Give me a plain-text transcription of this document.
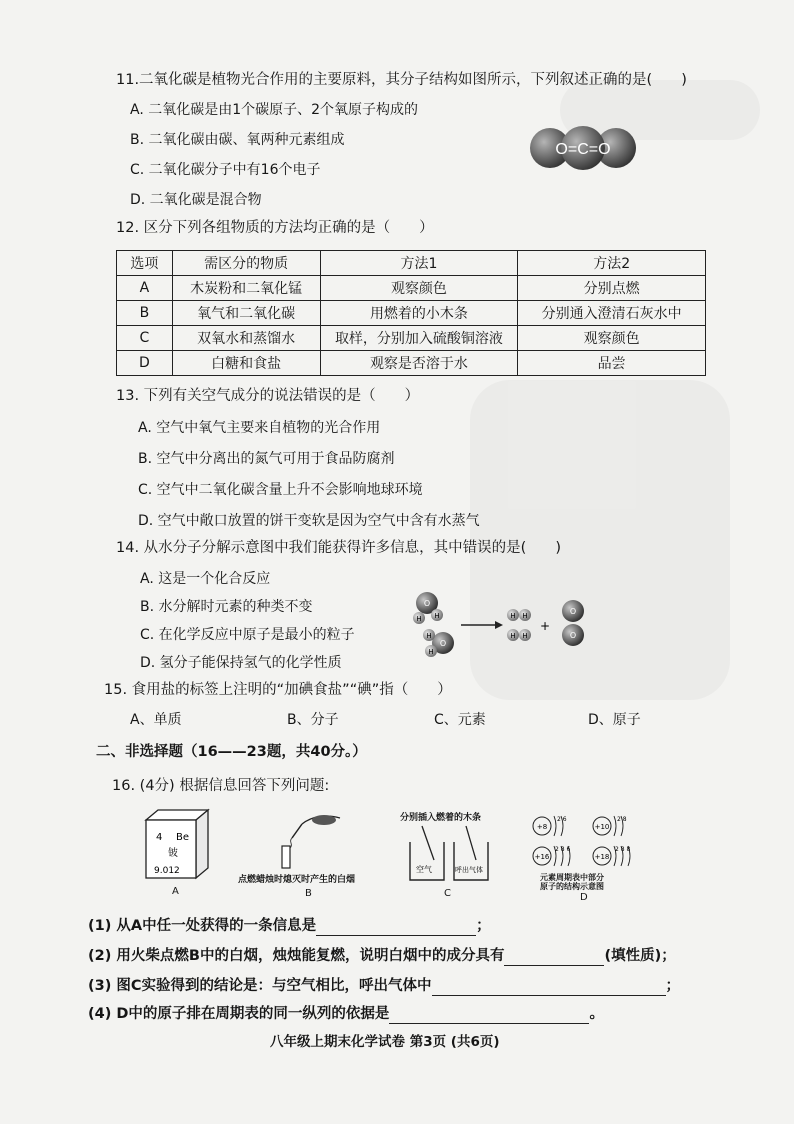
11.二氧化碳是植物光合作用的主要原料，其分子结构如图所示，下列叙述正确的是(　　)
A. 二氧化碳是由1个碳原子、2个氧原子构成的
B. 二氧化碳由碳、氧两种元素组成
C. 二氧化碳分子中有16个电子
D. 二氧化碳是混合物
O=C=O
12. 区分下列各组物质的方法均正确的是（　　）
选项	需区分的物质	方法1	方法2
A	木炭粉和二氧化锰	观察颜色	分别点燃
B	氧气和二氧化碳	用燃着的小木条	分别通入澄清石灰水中
C	双氧水和蒸馏水	取样，分别加入硫酸铜溶液	观察颜色
D	白糖和食盐	观察是否溶于水	品尝
13. 下列有关空气成分的说法错误的是（　　）
A. 空气中氧气主要来自植物的光合作用
B. 空气中分离出的氮气可用于食品防腐剂
C. 空气中二氧化碳含量上升不会影响地球环境
D. 空气中敞口放置的饼干变软是因为空气中含有水蒸气
14. 从水分子分解示意图中我们能获得许多信息，其中错误的是(　　)
A. 这是一个化合反应
B. 水分解时元素的种类不变
C. 在化学反应中原子是最小的粒子
D. 氢分子能保持氢气的化学性质
O
H H
O
H
H
H H
H H
+
O
O
15. 食用盐的标签上注明的“加碘食盐”“碘”指（　　）
A、单质	B、分子	C、元素	D、原子
二、非选择题（16——23题，共40分。）
16. (4分) 根据信息回答下列问题:
4 Be
铍
9.012
A
点燃蜡烛时熄灭时产生的白烟
B
分别插入燃着的木条
空气	呼出气体
C
+8
2 6
+10
2 8
+16
2 8 6
+18
2 8 8
元素周期表中部分
原子的结构示意图
D
(1) 从A中任一处获得的一条信息是	；
(2) 用火柴点燃B中的白烟，烛烛能复燃，说明白烟中的成分具有	(填性质)；
(3) 图C实验得到的结论是：与空气相比，呼出气体中	；
(4) D中的原子排在周期表的同一纵列的依据是	。
八年级上期末化学试卷 第3页 (共6页)
